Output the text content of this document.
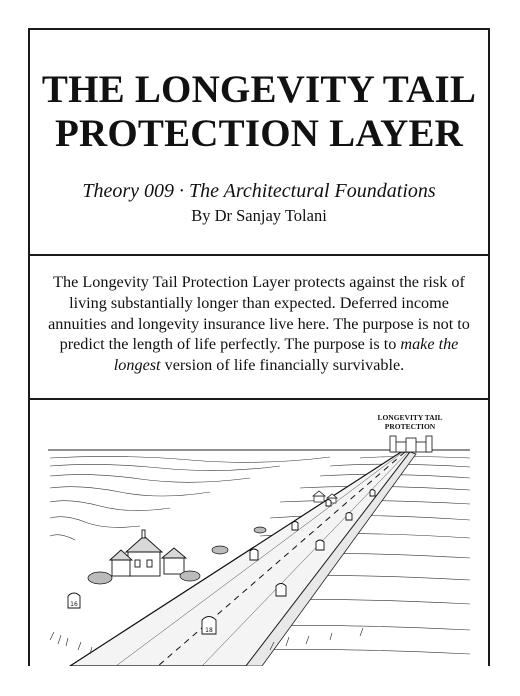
THE LONGEVITY TAIL
PROTECTION LAYER
Theory 009 · The Architectural Foundations
By Dr Sanjay Tolani
The Longevity Tail Protection Layer protects against the risk of living substantially longer than expected. Deferred income annuities and longevity insurance live here. The purpose is not to predict the length of life perfectly. The purpose is to make the longest version of life financially survivable.
LONGEVITY TAIL
PROTECTION
16
18
